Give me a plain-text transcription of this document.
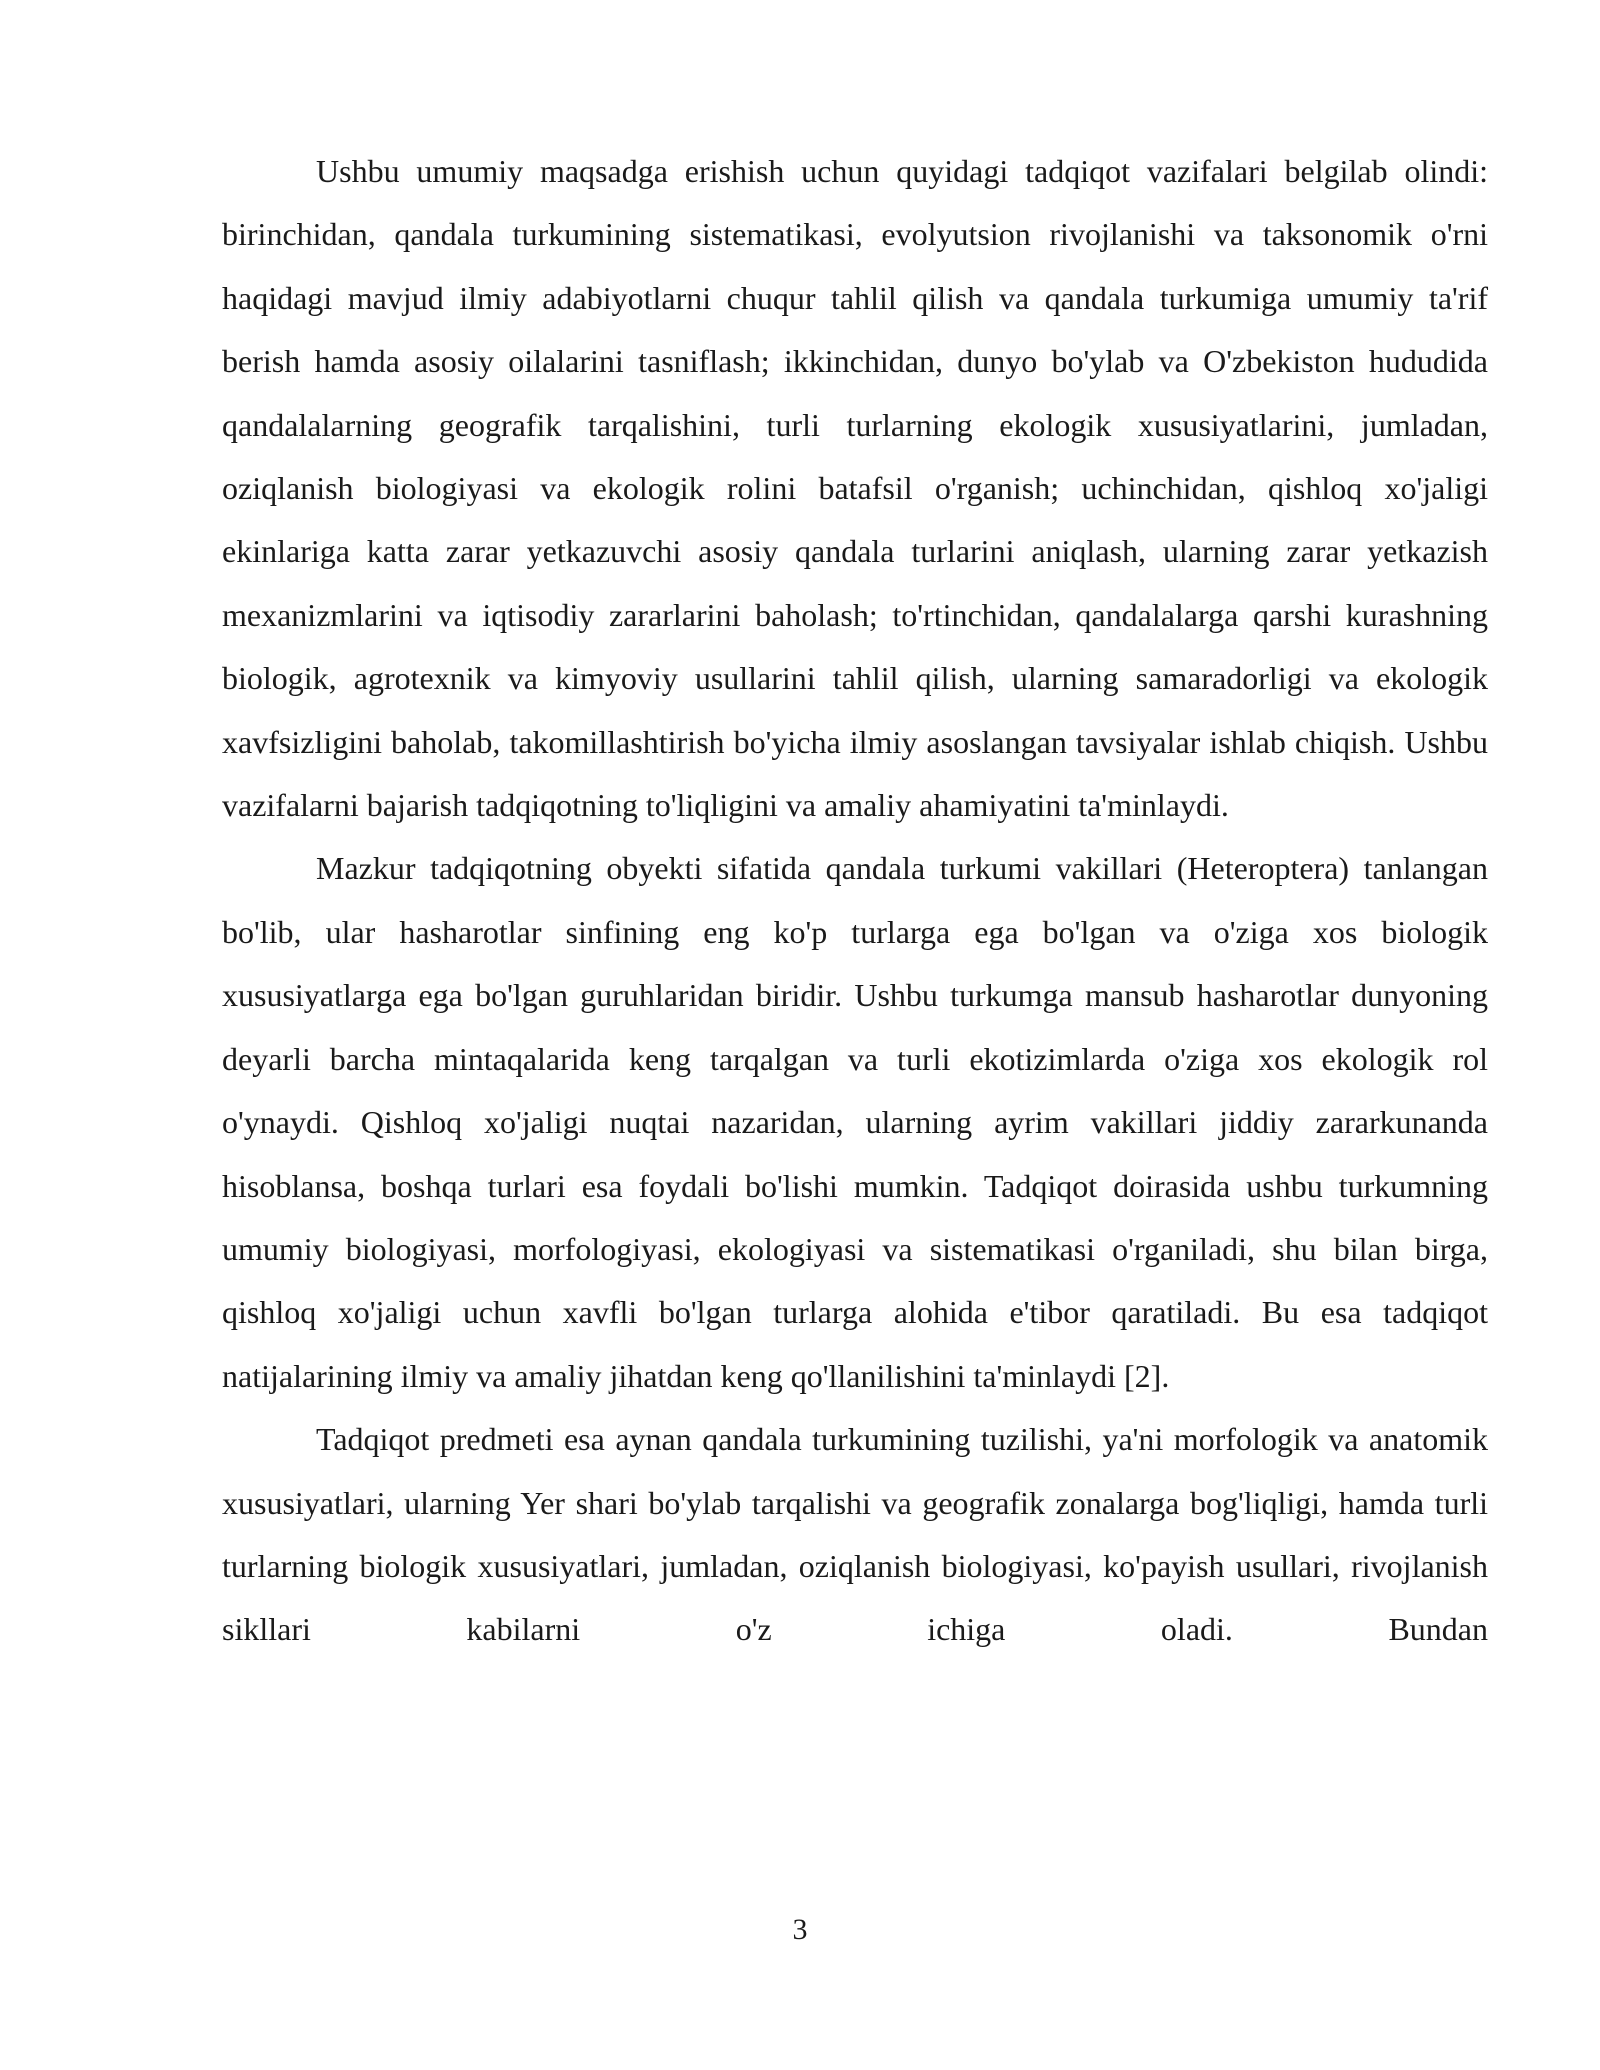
Ushbu umumiy maqsadga erishish uchun quyidagi tadqiqot vazifalari belgilab olindi: birinchidan, qandala turkumining sistematikasi, evolyutsion rivojlanishi va taksonomik o'rni haqidagi mavjud ilmiy adabiyotlarni chuqur tahlil qilish va qandala turkumiga umumiy ta'rif berish hamda asosiy oilalarini tasniflash; ikkinchidan, dunyo bo'ylab va O'zbekiston hududida qandalalarning geografik tarqalishini, turli turlarning ekologik xususiyatlarini, jumladan, oziqlanish biologiyasi va ekologik rolini batafsil o'rganish; uchinchidan, qishloq xo'jaligi ekinlariga katta zarar yetkazuvchi asosiy qandala turlarini aniqlash, ularning zarar yetkazish mexanizmlarini va iqtisodiy zararlarini baholash; to'rtinchidan, qandalalarga qarshi kurashning biologik, agrotexnik va kimyoviy usullarini tahlil qilish, ularning samaradorligi va ekologik xavfsizligini baholab, takomillashtirish bo'yicha ilmiy asoslangan tavsiyalar ishlab chiqish. Ushbu vazifalarni bajarish tadqiqotning to'liqligini va amaliy ahamiyatini ta'minlaydi.

Mazkur tadqiqotning obyekti sifatida qandala turkumi vakillari (Heteroptera) tanlangan bo'lib, ular hasharotlar sinfining eng ko'p turlarga ega bo'lgan va o'ziga xos biologik xususiyatlarga ega bo'lgan guruhlaridan biridir. Ushbu turkumga mansub hasharotlar dunyoning deyarli barcha mintaqalarida keng tarqalgan va turli ekotizimlarda o'ziga xos ekologik rol o'ynaydi. Qishloq xo'jaligi nuqtai nazaridan, ularning ayrim vakillari jiddiy zararkunanda hisoblansa, boshqa turlari esa foydali bo'lishi mumkin. Tadqiqot doirasida ushbu turkumning umumiy biologiyasi, morfologiyasi, ekologiyasi va sistematikasi o'rganiladi, shu bilan birga, qishloq xo'jaligi uchun xavfli bo'lgan turlarga alohida e'tibor qaratiladi. Bu esa tadqiqot natijalarining ilmiy va amaliy jihatdan keng qo'llanilishini ta'minlaydi [2].

Tadqiqot predmeti esa aynan qandala turkumining tuzilishi, ya'ni morfologik va anatomik xususiyatlari, ularning Yer shari bo'ylab tarqalishi va geografik zonalarga bog'liqligi, hamda turli turlarning biologik xususiyatlari, jumladan, oziqlanish biologiyasi, ko'payish usullari, rivojlanish sikllari kabilarni o'z ichiga oladi. Bundan

3
